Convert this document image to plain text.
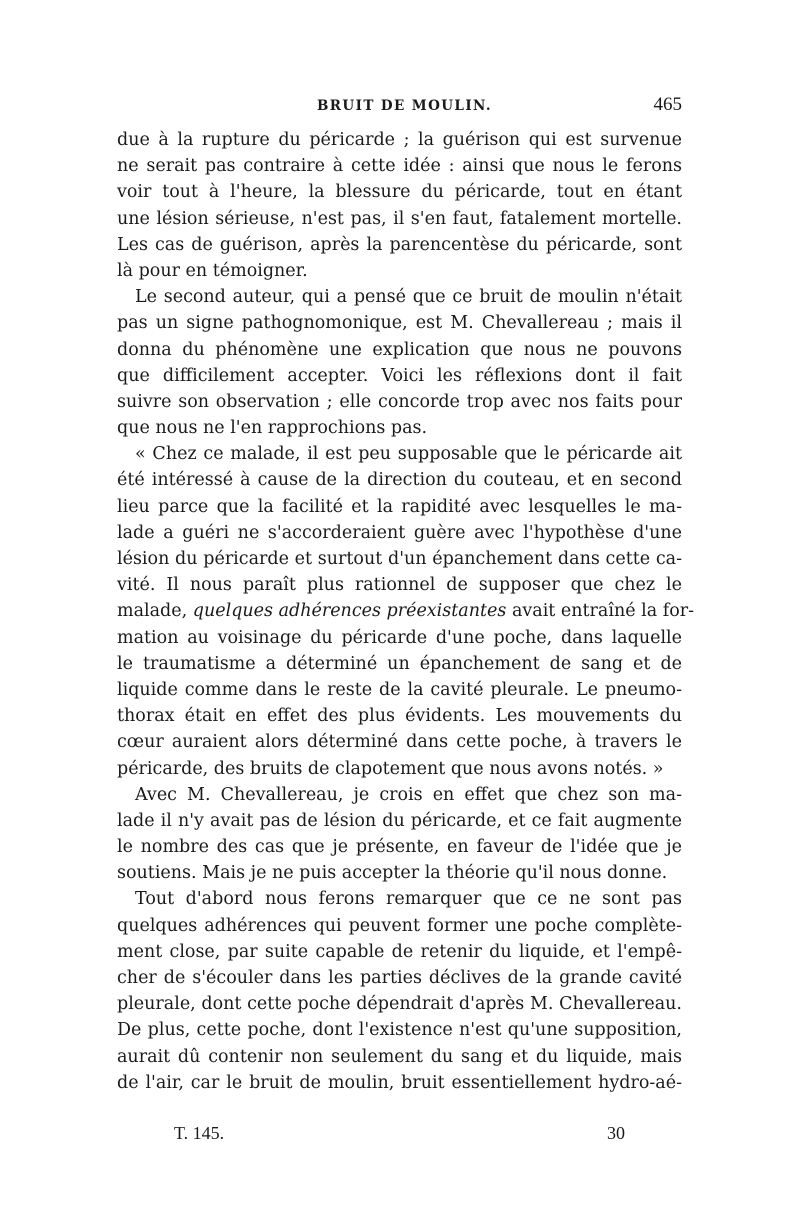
BRUIT DE MOULIN.	465
due à la rupture du péricarde ; la guérison qui est survenue
ne serait pas contraire à cette idée : ainsi que nous le ferons
voir tout à l'heure, la blessure du péricarde, tout en étant
une lésion sérieuse, n'est pas, il s'en faut, fatalement mortelle.
Les cas de guérison, après la parencentèse du péricarde, sont
là pour en témoigner.
Le second auteur, qui a pensé que ce bruit de moulin n'était
pas un signe pathognomonique, est M. Chevallereau ; mais il
donna du phénomène une explication que nous ne pouvons
que difficilement accepter. Voici les réflexions dont il fait
suivre son observation ; elle concorde trop avec nos faits pour
que nous ne l'en rapprochions pas.
« Chez ce malade, il est peu supposable que le péricarde ait
été intéressé à cause de la direction du couteau, et en second
lieu parce que la facilité et la rapidité avec lesquelles le ma-
lade a guéri ne s'accorderaient guère avec l'hypothèse d'une
lésion du péricarde et surtout d'un épanchement dans cette ca-
vité. Il nous paraît plus rationnel de supposer que chez le
malade, quelques adhérences préexistantes avait entraîné la for-
mation au voisinage du péricarde d'une poche, dans laquelle
le traumatisme a déterminé un épanchement de sang et de
liquide comme dans le reste de la cavité pleurale. Le pneumo-
thorax était en effet des plus évidents. Les mouvements du
cœur auraient alors déterminé dans cette poche, à travers le
péricarde, des bruits de clapotement que nous avons notés. »
Avec M. Chevallereau, je crois en effet que chez son ma-
lade il n'y avait pas de lésion du péricarde, et ce fait augmente
le nombre des cas que je présente, en faveur de l'idée que je
soutiens. Mais je ne puis accepter la théorie qu'il nous donne.
Tout d'abord nous ferons remarquer que ce ne sont pas
quelques adhérences qui peuvent former une poche complète-
ment close, par suite capable de retenir du liquide, et l'empê-
cher de s'écouler dans les parties déclives de la grande cavité
pleurale, dont cette poche dépendrait d'après M. Chevallereau.
De plus, cette poche, dont l'existence n'est qu'une supposition,
aurait dû contenir non seulement du sang et du liquide, mais
de l'air, car le bruit de moulin, bruit essentiellement hydro-aé-
T. 145.	30
